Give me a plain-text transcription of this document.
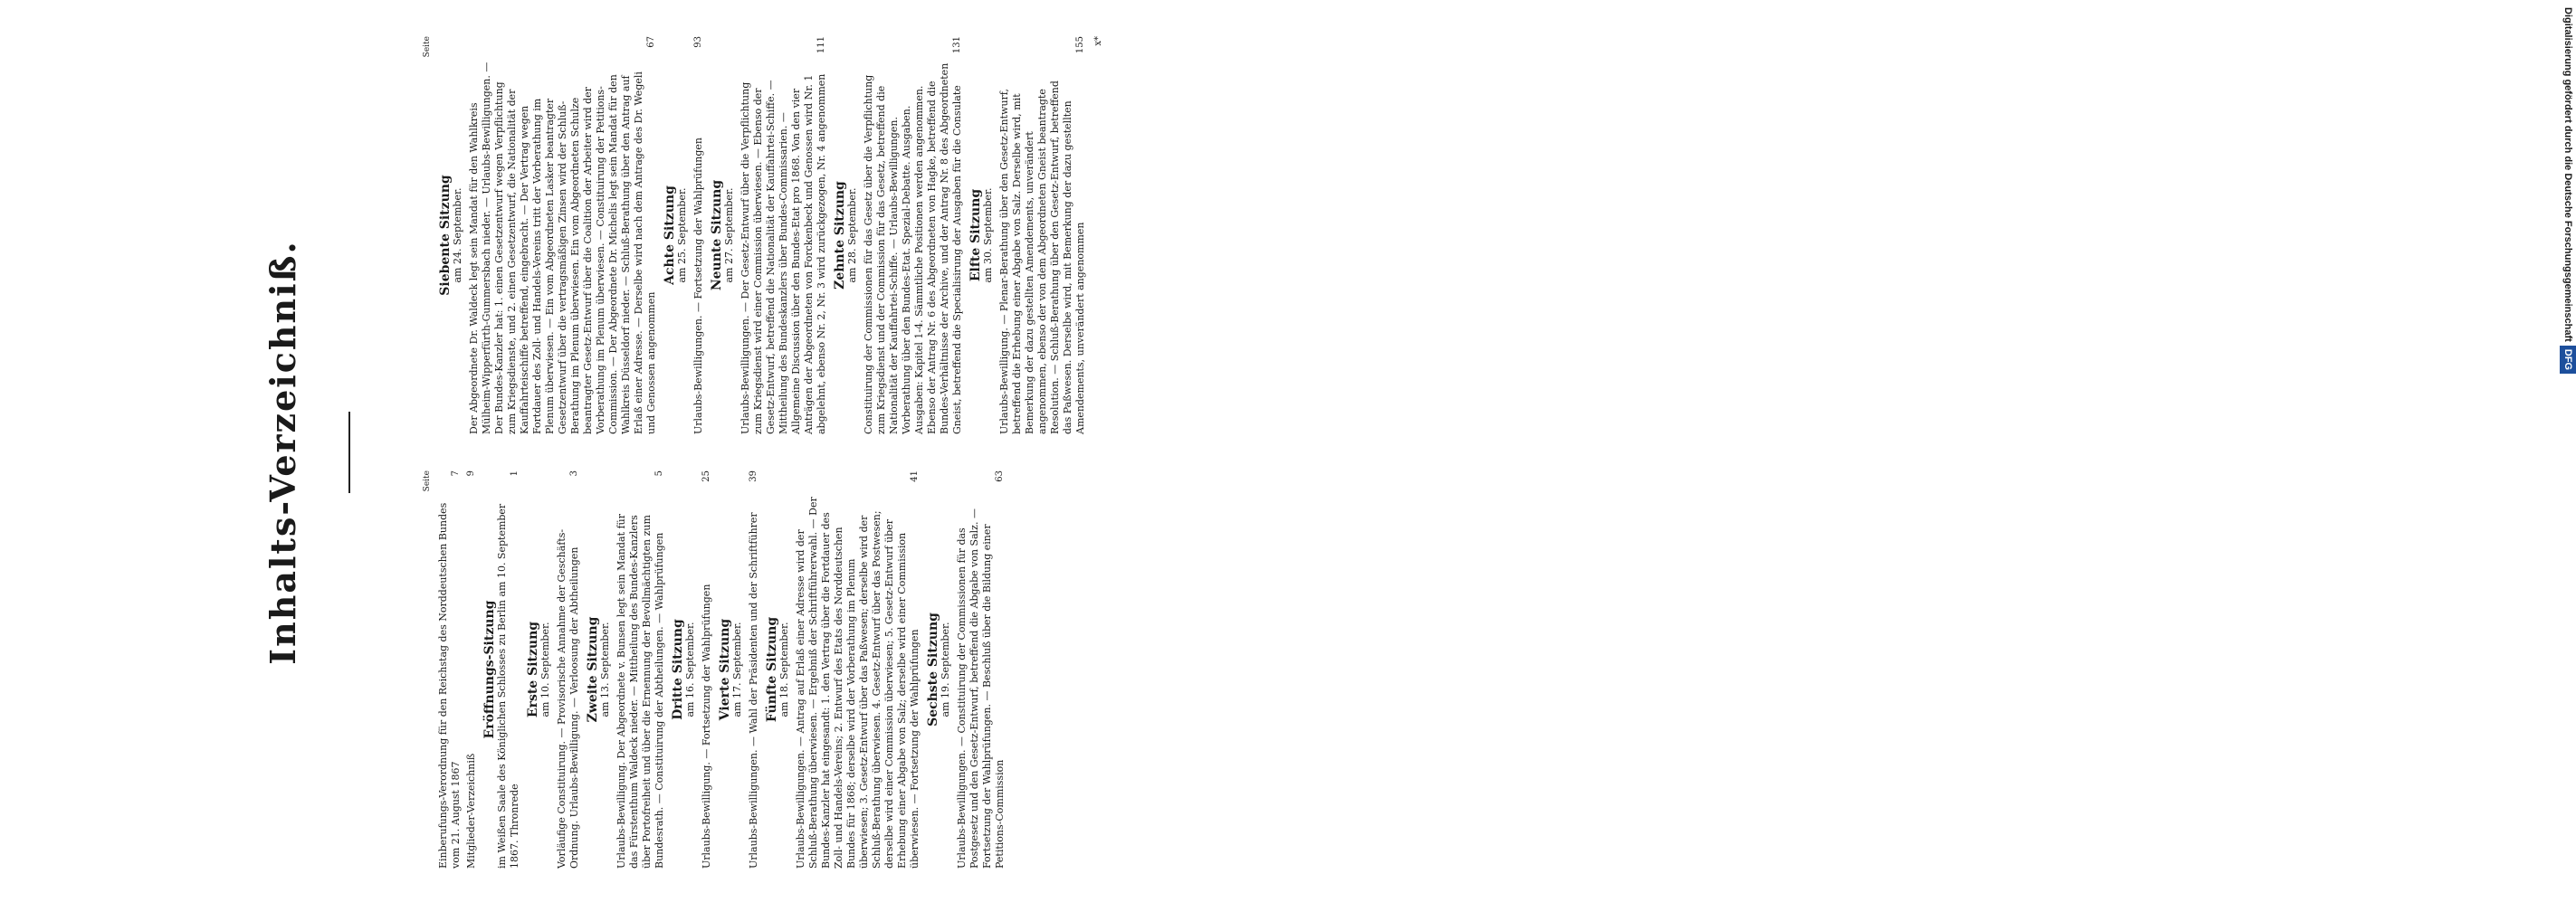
Inhalts-Verzeichniß.	Seite
Einberufungs-Verordnung für den Reichstag des Norddeutschen Bundes vom 21. August 1867
7
Mitglieder-Verzeichniß
9
Eröffnungs-Sitzung im Weißen Saale des Königlichen Schlosses zu Berlin am 10. September 1867. Thronrede
1
Erste Sitzung am 10. September. Vorläufige Constituirung. — Provisorische Annahme der Geschäfts-Ordnung. Urlaubs-Bewilligung. — Verloosung der Abtheilungen
3
Zweite Sitzung am 13. September. Urlaubs-Bewilligung. Der Abgeordnete v. Bunsen legt sein Mandat für das Fürstenthum Waldeck nieder. — Mittheilung des Bundes-Kanzlers über Portofreiheit und über die Ernennung der Bevollmächtigten zum Bundesrath. — Constituirung der Abtheilungen. — Wahlprüfungen
5
Dritte Sitzung am 16. September. Urlaubs-Bewilligung. — Fortsetzung der Wahlprüfungen
25
Vierte Sitzung am 17. September. Urlaubs-Bewilligungen. — Wahl der Präsidenten und der Schriftführer
39
Fünfte Sitzung am 18. September. Urlaubs-Bewilligungen. — Antrag auf Erlaß einer Adresse wird der Schluß-Berathung überwiesen. — Ergebniß der Schriftführerwahl. — Der Bundes-Kanzler hat eingesandt: 1. den Vertrag über die Fortdauer des Zoll- und Handels-Vereins; 2. Entwurf des Etats des Norddeutschen Bundes für 1868; derselbe wird der Vorberathung im Plenum überwiesen; 3. Gesetz-Entwurf über das Paßwesen; derselbe wird der Schluß-Berathung überwiesen. 4. Gesetz-Entwurf über das Postwesen; derselbe wird einer Commission überwiesen; 5. Gesetz-Entwurf über Erhebung einer Abgabe von Salz; derselbe wird einer Commission überwiesen. — Fortsetzung der Wahlprüfungen
41
Sechste Sitzung am 19. September. Urlaubs-Bewilligungen. — Constituirung der Commissionen für das Postgesetz und den Gesetz-Entwurf, betreffend die Abgabe von Salz. — Fortsetzung der Wahlprüfungen. — Beschluß über die Bildung einer Petitions-Commission
63
Seite
Siebente Sitzung am 24. September. Der Abgeordnete Dr. Waldeck legt sein Mandat für den Wahlkreis Mülheim-Wipperfürth-Gummersbach nieder. — Urlaubs-Bewilligungen. — Der Bundes-Kanzler hat: 1. einen Gesetzentwurf wegen Verpflichtung zum Kriegsdienste, und 2. einen Gesetzentwurf, die Nationalität der Kauffahrteischiffe betreffend, eingebracht. — Der Vertrag wegen Fortdauer des Zoll- und Handels-Vereins tritt der Vorberathung im Plenum überwiesen. — Ein vom Abgeordneten Lasker beantragter Gesetzentwurf über die vertragsmäßigen Zinsen wird der Schluß-Berathung im Plenum überwiesen. Ein vom Abgeordneten Schulze beantragter Gesetz-Entwurf über die Coalition der Arbeiter wird der Vorberathung im Plenum überwiesen. — Constituirung der Petitions-Commission. — Der Abgeordnete Dr. Michelis legt sein Mandat für den Wahlkreis Düsseldorf nieder. — Schluß-Berathung über den Antrag auf Erlaß einer Adresse. — Derselbe wird nach dem Antrage des Dr. Wegeli und Genossen angenommen
67
Achte Sitzung am 25. September. Urlaubs-Bewilligungen. — Fortsetzung der Wahlprüfungen
93
Neunte Sitzung am 27. September. Urlaubs-Bewilligungen. — Der Gesetz-Entwurf über die Verpflichtung zum Kriegsdienst wird einer Commission überwiesen. — Ebenso der Gesetz-Entwurf, betreffend die Nationalität der Kauffahrtei-Schiffe. — Mittheilung des Bundeskanzlers über Bundes-Commissarien. — Allgemeine Discussion über den Bundes-Etat pro 1868. Von den vier Anträgen der Abgeordneten von Forckenbeck und Genossen wird Nr. 1 abgelehnt, ebenso Nr. 2, Nr. 3 wird zurückgezogen, Nr. 4 angenommen
111
Zehnte Sitzung am 28. September. Constituirung der Commissionen für das Gesetz über die Verpflichtung zum Kriegsdienst und der Commission für das Gesetz, betreffend die Nationalität der Kauffahrtei-Schiffe. — Urlaubs-Bewilligungen. Vorberathung über den Bundes-Etat. Spezial-Debatte. Ausgaben. Ausgaben: Kapitel 1-4. Sämmtliche Positionen werden angenommen. Ebenso der Antrag Nr. 6 des Abgeordneten von Hagke, betreffend die Bundes-Verhältnisse der Archive, und der Antrag Nr. 8 des Abgeordneten Gneist, betreffend die Specialisirung der Ausgaben für die Consulate
131
Elfte Sitzung am 30. September. Urlaubs-Bewilligung. — Plenar-Berathung über den Gesetz-Entwurf, betreffend die Erhebung einer Abgabe von Salz. Derselbe wird, mit Bemerkung der dazu gestellten Amendements, unverändert angenommen, ebenso der von dem Abgeordneten Gneist beantragte Resolution. — Schluß-Berathung über den Gesetz-Entwurf, betreffend das Paßwesen. Derselbe wird, mit Bemerkung der dazu gestellten Amendements, unverändert angenommen
155 x*	Digitalisierung gefördert durch die Deutsche ForschungsgemeinschaftDFG
